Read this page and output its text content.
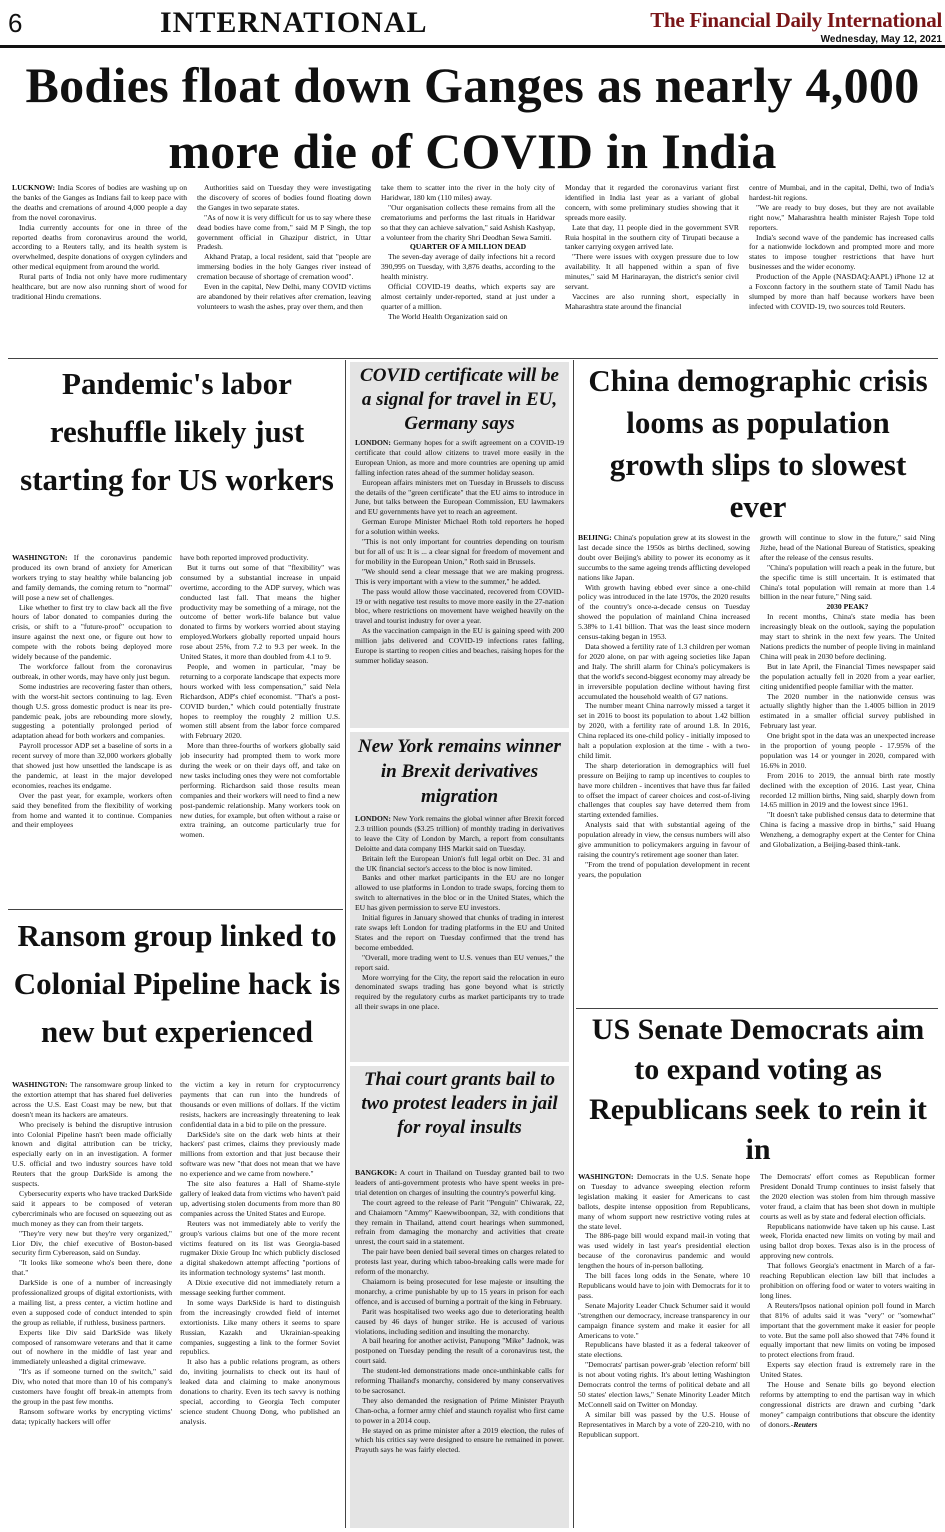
6	INTERNATIONAL	The Financial Daily International
Wednesday, May 12, 2021
Bodies float down Ganges as nearly 4,000 more die of COVID in India

LUCKNOW: India Scores of bodies are washing up on the banks of the Ganges as Indians fail to keep pace with the deaths and cremations of around 4,000 people a day from the novel coronavirus.

India currently accounts for one in three of the reported deaths from coronavirus around the world, according to a Reuters tally, and its health system is overwhelmed, despite donations of oxygen cylinders and other medical equipment from around the world.

Rural parts of India not only have more rudimentary healthcare, but are now also running short of wood for traditional Hindu cremations.

Authorities said on Tuesday they were investigating the discovery of scores of bodies found floating down the Ganges in two separate states.

"As of now it is very difficult for us to say where these dead bodies have come from," said M P Singh, the top government official in Ghazipur district, in Uttar Pradesh.

Akhand Pratap, a local resident, said that "people are immersing bodies in the holy Ganges river instead of cremation because of shortage of cremation wood".

Even in the capital, New Delhi, many COVID victims are abandoned by their relatives after cremation, leaving volunteers to wash the ashes, pray over them, and then

take them to scatter into the river in the holy city of Haridwar, 180 km (110 miles) away.

"Our organisation collects these remains from all the crematoriums and performs the last rituals in Haridwar so that they can achieve salvation," said Ashish Kashyap, a volunteer from the charity Shri Deodhan Sewa Samiti.

QUARTER OF A MILLION DEAD

The seven-day average of daily infections hit a record 390,995 on Tuesday, with 3,876 deaths, according to the health ministry.

Official COVID-19 deaths, which experts say are almost certainly under-reported, stand at just under a quarter of a million.

The World Health Organization said on

Monday that it regarded the coronavirus variant first identified in India last year as a variant of global concern, with some preliminary studies showing that it spreads more easily.

Late that day, 11 people died in the government SVR Ruia hospital in the southern city of Tirupati because a tanker carrying oxygen arrived late.

"There were issues with oxygen pressure due to low availability. It all happened within a span of five minutes," said M Harinarayan, the district's senior civil servant.

Vaccines are also running short, especially in Maharashtra state around the financial

centre of Mumbai, and in the capital, Delhi, two of India's hardest-hit regions.

"We are ready to buy doses, but they are not available right now," Maharashtra health minister Rajesh Tope told reporters.

India's second wave of the pandemic has increased calls for a nationwide lockdown and prompted more and more states to impose tougher restrictions that have hurt businesses and the wider economy.

Production of the Apple (NASDAQ:AAPL) iPhone 12 at a Foxconn factory in the southern state of Tamil Nadu has slumped by more than half because workers have been infected with COVID-19, two sources told Reuters.

Pandemic's labor reshuffle likely just starting for US workers

WASHINGTON: If the coronavirus pandemic produced its own brand of anxiety for American workers trying to stay healthy while balancing job and family demands, the coming return to "normal" will pose a new set of challenges.

Like whether to first try to claw back all the five hours of labor donated to companies during the crisis, or shift to a "future-proof" occupation to insure against the next one, or figure out how to compete with the robots being deployed more widely because of the pandemic.

The workforce fallout from the coronavirus outbreak, in other words, may have only just begun.

Some industries are recovering faster than others, with the worst-hit sectors continuing to lag. Even though U.S. gross domestic product is near its pre-pandemic peak, jobs are rebounding more slowly, suggesting a potentially prolonged period of adaptation ahead for both workers and companies.

Payroll processor ADP set a baseline of sorts in a recent survey of more than 32,000 workers globally that showed just how unsettled the landscape is as the pandemic, at least in the major developed economies, reaches its endgame.

Over the past year, for example, workers often said they benefited from the flexibility of working from home and wanted it to continue. Companies and their employees

have both reported improved productivity.

But it turns out some of that "flexibility" was consumed by a substantial increase in unpaid overtime, according to the ADP survey, which was conducted last fall. That means the higher productivity may be something of a mirage, not the outcome of better work-life balance but value donated to firms by workers worried about staying employed.Workers globally reported unpaid hours rose about 25%, from 7.2 to 9.3 per week. In the United States, it more than doubled from 4.1 to 9.

People, and women in particular, "may be returning to a corporate landscape that expects more hours worked with less compensation," said Nela Richardson, ADP's chief economist. "That's a post-COVID burden," which could potentially frustrate hopes to reemploy the roughly 2 million U.S. women still absent from the labor force compared with February 2020.

More than three-fourths of workers globally said job insecurity had prompted them to work more during the week or on their days off, and take on new tasks including ones they were not comfortable performing. Richardson said those results mean companies and their workers will need to find a new post-pandemic relationship. Many workers took on new duties, for example, but often without a raise or extra training, an outcome particularly true for women.

Ransom group linked to Colonial Pipeline hack is new but experienced

WASHINGTON: The ransomware group linked to the extortion attempt that has shared fuel deliveries across the U.S. East Coast may be new, but that doesn't mean its hackers are amateurs.

Who precisely is behind the disruptive intrusion into Colonial Pipeline hasn't been made officially known and digital attribution can be tricky, especially early on in an investigation. A former U.S. official and two industry sources have told Reuters that the group DarkSide is among the suspects.

Cybersecurity experts who have tracked DarkSide said it appears to be composed of veteran cybercriminals who are focused on squeezing out as much money as they can from their targets.

"They're very new but they're very organized," Lior Div, the chief executive of Boston-based security firm Cybereason, said on Sunday.

"It looks like someone who's been there, done that."

DarkSide is one of a number of increasingly professionalized groups of digital extortionists, with a mailing list, a press center, a victim hotline and even a supposed code of conduct intended to spin the group as reliable, if ruthless, business partners.

Experts like Div said DarkSide was likely composed of ransomware veterans and that it came out of nowhere in the middle of last year and immediately unleashed a digital crimewave.

"It's as if someone turned on the switch," said Div, who noted that more than 10 of his company's customers have fought off break-in attempts from the group in the past few months.

Ransom software works by encrypting victims' data; typically hackers will offer

the victim a key in return for cryptocurrency payments that can run into the hundreds of thousands or even millions of dollars. If the victim resists, hackers are increasingly threatening to leak confidential data in a bid to pile on the pressure.

DarkSide's site on the dark web hints at their hackers' past crimes, claims they previously made millions from extortion and that just because their software was new "that does not mean that we have no experience and we came from nowhere."

The site also features a Hall of Shame-style gallery of leaked data from victims who haven't paid up, advertising stolen documents from more than 80 companies across the United States and Europe.

Reuters was not immediately able to verify the group's various claims but one of the more recent victims featured on its list was Georgia-based rugmaker Dixie Group Inc which publicly disclosed a digital shakedown attempt affecting "portions of its information technology systems" last month.

A Dixie executive did not immediately return a message seeking further comment.

In some ways DarkSide is hard to distinguish from the increasingly crowded field of internet extortionists. Like many others it seems to spare Russian, Kazakh and Ukrainian-speaking companies, suggesting a link to the former Soviet republics.

It also has a public relations program, as others do, inviting journalists to check out its haul of leaked data and claiming to make anonymous donations to charity. Even its tech savvy is nothing special, according to Georgia Tech computer science student Chuong Dong, who published an analysis.

COVID certificate will be a signal for travel in EU, Germany says

LONDON: Germany hopes for a swift agreement on a COVID-19 certificate that could allow citizens to travel more easily in the European Union, as more and more countries are opening up amid falling infection rates ahead of the summer holiday season.

European affairs ministers met on Tuesday in Brussels to discuss the details of the "green certificate" that the EU aims to introduce in June, but talks between the European Commission, EU lawmakers and EU governments have yet to reach an agreement.

German Europe Minister Michael Roth told reporters he hoped for a solution within weeks.

"This is not only important for countries depending on tourism but for all of us: It is ... a clear signal for freedom of movement and for mobility in the European Union," Roth said in Brussels.

"We should send a clear message that we are making progress. This is very important with a view to the summer," he added.

The pass would allow those vaccinated, recovered from COVID-19 or with negative test results to move more easily in the 27-nation bloc, where restrictions on movement have weighed heavily on the travel and tourist industry for over a year.

As the vaccination campaign in the EU is gaining speed with 200 million jabs delivered and COVID-19 infections rates falling, Europe is starting to reopen cities and beaches, raising hopes for the summer holiday season.

New York remains winner in Brexit derivatives migration

LONDON: New York remains the global winner after Brexit forced 2.3 trillion pounds ($3.25 trillion) of monthly trading in derivatives to leave the City of London by March, a report from consultants Deloitte and data company IHS Markit said on Tuesday.

Britain left the European Union's full legal orbit on Dec. 31 and the UK financial sector's access to the bloc is now limited.

Banks and other market participants in the EU are no longer allowed to use platforms in London to trade swaps, forcing them to switch to alternatives in the bloc or in the United States, which the EU has given permission to serve EU investors.

Initial figures in January showed that chunks of trading in interest rate swaps left London for trading platforms in the EU and United States and the report on Tuesday confirmed that the trend has become embedded.

"Overall, more trading went to U.S. venues than EU venues," the report said.

More worrying for the City, the report said the relocation in euro denominated swaps trading has gone beyond what is strictly required by the regulatory curbs as market participants try to trade all their swaps in one place.

Thai court grants bail to two protest leaders in jail for royal insults

BANGKOK: A court in Thailand on Tuesday granted bail to two leaders of anti-government protests who have spent weeks in pre-trial detention on charges of insulting the country's powerful king.

The court agreed to the release of Parit "Penguin" Chiwarak, 22, and Chaiamorn "Ammy" Kaewwiboonpan, 32, with conditions that they remain in Thailand, attend court hearings when summoned, refrain from damaging the monarchy and activities that create unrest, the court said in a statement.

The pair have been denied bail several times on charges related to protests last year, during which taboo-breaking calls were made for reform of the monarchy.

Chaiamorn is being prosecuted for lese majeste or insulting the monarchy, a crime punishable by up to 15 years in prison for each offence, and is accused of burning a portrait of the king in February.

Parit was hospitalised two weeks ago due to deteriorating health caused by 46 days of hunger strike. He is accused of various violations, including sedition and insulting the monarchy.

A bail hearing for another activist, Panupong "Mike" Jadnok, was postponed on Tuesday pending the result of a coronavirus test, the court said.

The student-led demonstrations made once-unthinkable calls for reforming Thailand's monarchy, considered by many conservatives to be sacrosanct.

They also demanded the resignation of Prime Minister Prayuth Chan-ocha, a former army chief and staunch royalist who first came to power in a 2014 coup.

He stayed on as prime minister after a 2019 election, the rules of which his critics say were designed to ensure he remained in power. Prayuth says he was fairly elected.

China demographic crisis looms as population growth slips to slowest ever

BEIJING: China's population grew at its slowest in the last decade since the 1950s as births declined, sowing doubt over Beijing's ability to power its economy as it succumbs to the same ageing trends afflicting developed nations like Japan.

With growth having ebbed ever since a one-child policy was introduced in the late 1970s, the 2020 results of the country's once-a-decade census on Tuesday showed the population of mainland China increased 5.38% to 1.41 billion. That was the least since modern census-taking began in 1953.

Data showed a fertility rate of 1.3 children per woman for 2020 alone, on par with ageing societies like Japan and Italy. The shrill alarm for China's policymakers is that the world's second-biggest economy may already be in irreversible population decline without having first accumulated the household wealth of G7 nations.

The number meant China narrowly missed a target it set in 2016 to boost its population to about 1.42 billion by 2020, with a fertility rate of around 1.8. In 2016, China replaced its one-child policy - initially imposed to halt a population explosion at the time - with a two-child limit.

The sharp deterioration in demographics will fuel pressure on Beijing to ramp up incentives to couples to have more children - incentives that have thus far failed to offset the impact of career choices and cost-of-living challenges that couples say have deterred them from starting extended families.

Analysts said that with substantial ageing of the population already in view, the census numbers will also give ammunition to policymakers arguing in favour of raising the country's retirement age sooner than later.

"From the trend of population development in recent years, the population

growth will continue to slow in the future," said Ning Jizhe, head of the National Bureau of Statistics, speaking after the release of the census results.

"China's population will reach a peak in the future, but the specific time is still uncertain. It is estimated that China's total population will remain at more than 1.4 billion in the near future," Ning said.

2030 PEAK?

In recent months, China's state media has been increasingly bleak on the outlook, saying the population may start to shrink in the next few years. The United Nations predicts the number of people living in mainland China will peak in 2030 before declining.

But in late April, the Financial Times newspaper said the population actually fell in 2020 from a year earlier, citing unidentified people familiar with the matter.

The 2020 number in the nationwide census was actually slightly higher than the 1.4005 billion in 2019 estimated in a smaller official survey published in February last year.

One bright spot in the data was an unexpected increase in the proportion of young people - 17.95% of the population was 14 or younger in 2020, compared with 16.6% in 2010.

From 2016 to 2019, the annual birth rate mostly declined with the exception of 2016. Last year, China recorded 12 million births, Ning said, sharply down from 14.65 million in 2019 and the lowest since 1961.

"It doesn't take published census data to determine that China is facing a massive drop in births," said Huang Wenzheng, a demography expert at the Center for China and Globalization, a Beijing-based think-tank.

US Senate Democrats aim to expand voting as Republicans seek to rein it in

WASHINGTON: Democrats in the U.S. Senate hope on Tuesday to advance sweeping election reform legislation making it easier for Americans to cast ballots, despite intense opposition from Republicans, many of whom support new restrictive voting rules at the state level.

The 886-page bill would expand mail-in voting that was used widely in last year's presidential election because of the coronavirus pandemic and would lengthen the hours of in-person balloting.

The bill faces long odds in the Senate, where 10 Republicans would have to join with Democrats for it to pass.

Senate Majority Leader Chuck Schumer said it would "strengthen our democracy, increase transparency in our campaign finance system and make it easier for all Americans to vote."

Republicans have blasted it as a federal takeover of state elections.

"Democrats' partisan power-grab 'election reform' bill is not about voting rights. It's about letting Washington Democrats control the terms of political debate and all 50 states' election laws," Senate Minority Leader Mitch McConnell said on Twitter on Monday.

A similar bill was passed by the U.S. House of Representatives in March by a vote of 220-210, with no Republican support.

The Democrats' effort comes as Republican former President Donald Trump continues to insist falsely that the 2020 election was stolen from him through massive voter fraud, a claim that has been shot down in multiple courts as well as by state and federal election officials.

Republicans nationwide have taken up his cause. Last week, Florida enacted new limits on voting by mail and using ballot drop boxes. Texas also is in the process of approving new controls.

That follows Georgia's enactment in March of a far-reaching Republican election law bill that includes a prohibition on offering food or water to voters waiting in long lines.

A Reuters/Ipsos national opinion poll found in March that 81% of adults said it was "very" or "somewhat" important that the government make it easier for people to vote. But the same poll also showed that 74% found it equally important that new limits on voting be imposed to protect elections from fraud.

Experts say election fraud is extremely rare in the United States.

The House and Senate bills go beyond election reforms by attempting to end the partisan way in which congressional districts are drawn and curbing "dark money" campaign contributions that obscure the identity of donors.-Reuters
